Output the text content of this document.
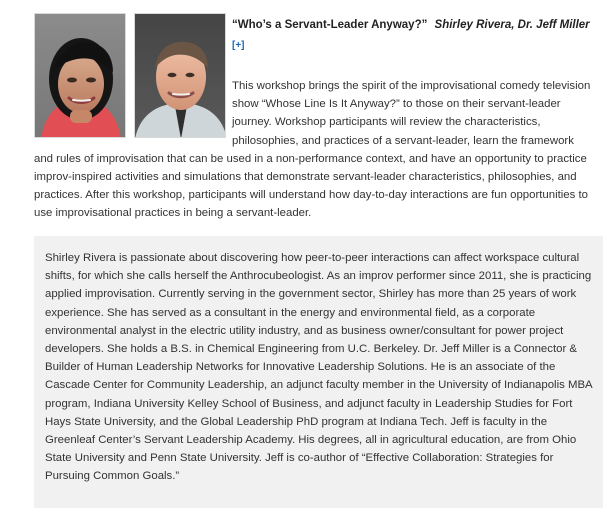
“Who’s a Servant-Leader Anyway?” Shirley Rivera, Dr. Jeff Miller
[+]
This workshop brings the spirit of the improvisational comedy television
show “Whose Line Is It Anyway?” to those on their servant-leader
journey. Workshop participants will review the characteristics,
philosophies, and practices of a servant-leader, learn the framework
and rules of improvisation that can be used in a non-performance context, and have an opportunity to practice
improv-inspired activities and simulations that demonstrate servant-leader characteristics, philosophies, and
practices. After this workshop, participants will understand how day-to-day interactions are fun opportunities to
use improvisational practices in being a servant-leader.
Shirley Rivera is passionate about discovering how peer-to-peer interactions can affect workspace cultural
shifts, for which she calls herself the Anthrocubeologist. As an improv performer since 2011, she is practicing
applied improvisation. Currently serving in the government sector, Shirley has more than 25 years of work
experience. She has served as a consultant in the energy and environmental field, as a corporate
environmental analyst in the electric utility industry, and as business owner/consultant for power project
developers. She holds a B.S. in Chemical Engineering from U.C. Berkeley. Dr. Jeff Miller is a Connector &
Builder of Human Leadership Networks for Innovative Leadership Solutions. He is an associate of the
Cascade Center for Community Leadership, an adjunct faculty member in the University of Indianapolis MBA
program, Indiana University Kelley School of Business, and adjunct faculty in Leadership Studies for Fort
Hays State University, and the Global Leadership PhD program at Indiana Tech. Jeff is faculty in the
Greenleaf Center’s Servant Leadership Academy. His degrees, all in agricultural education, are from Ohio
State University and Penn State University. Jeff is co-author of “Effective Collaboration: Strategies for
Pursuing Common Goals.”
